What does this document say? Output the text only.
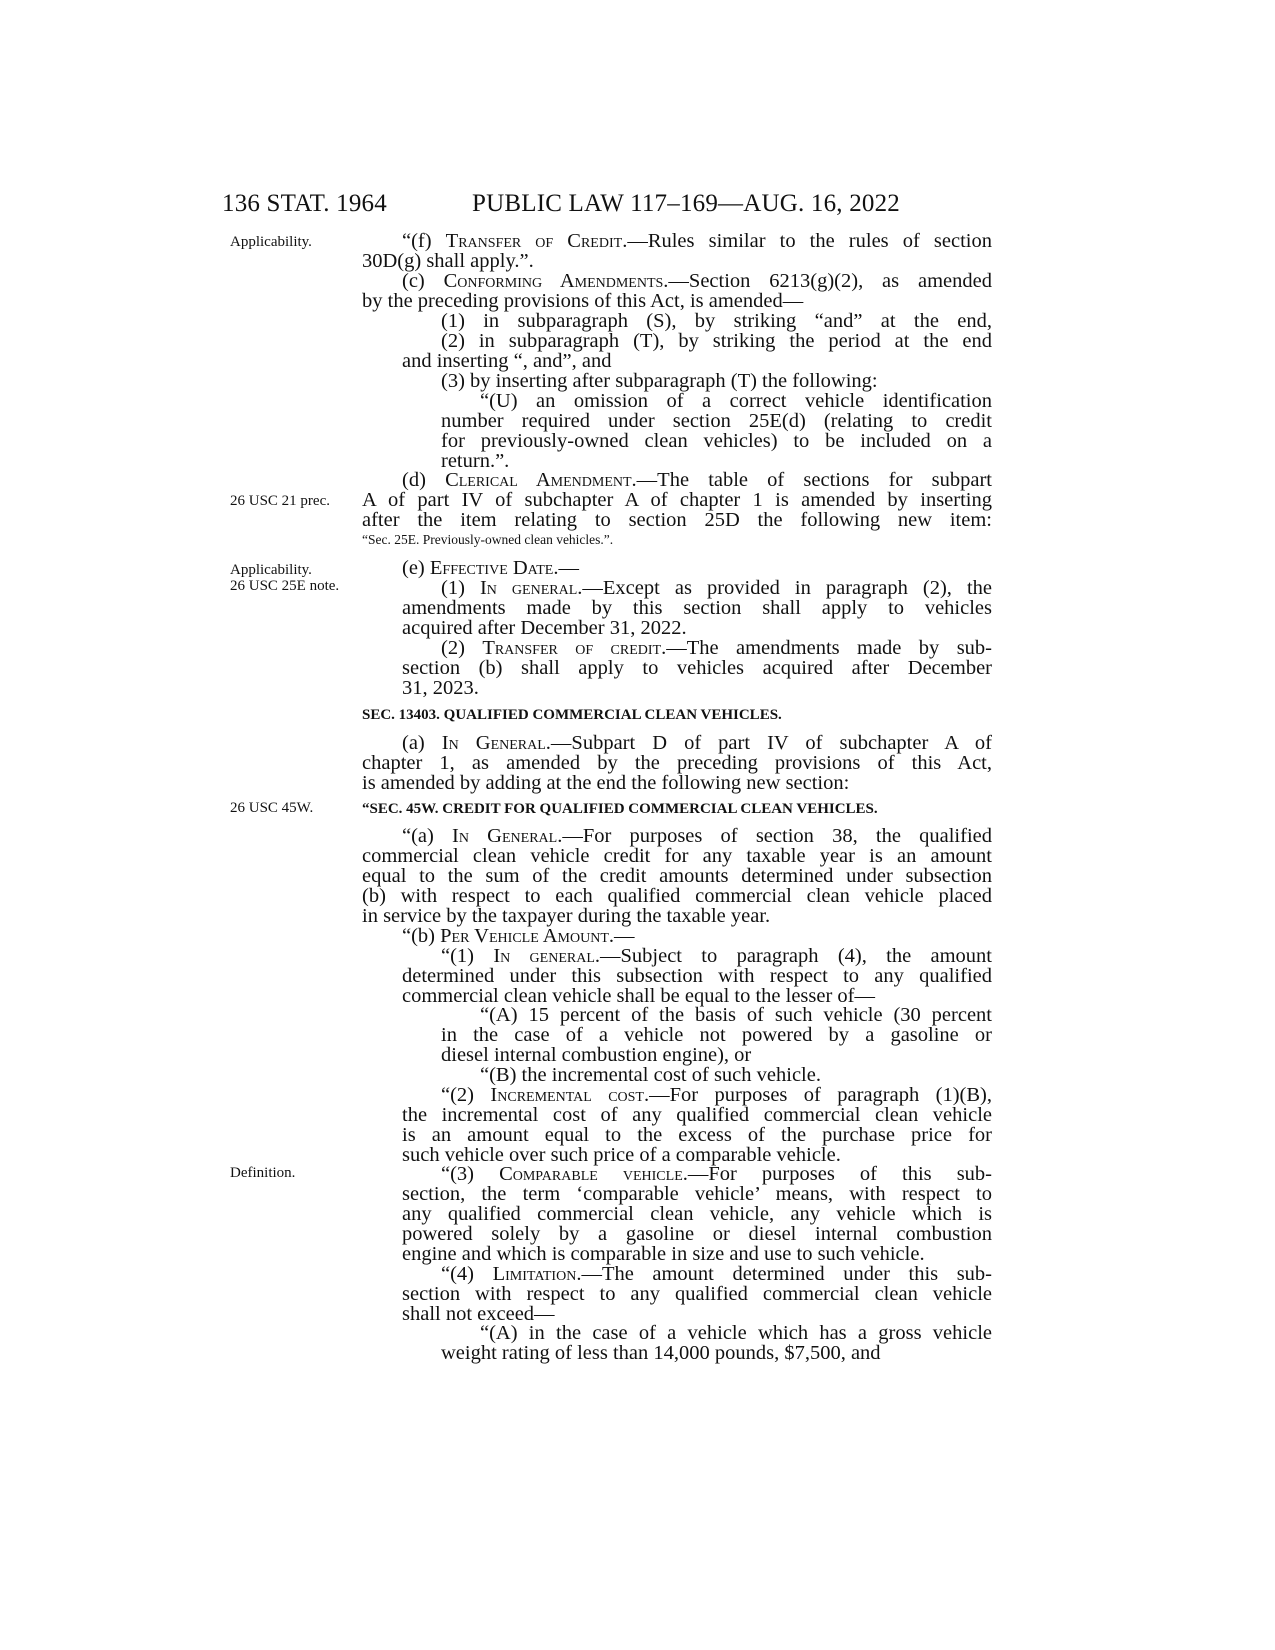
136 STAT. 1964	PUBLIC LAW 117–169—AUG. 16, 2022
Applicability.
26 USC 21 prec.
Applicability.
26 USC 25E note.
26 USC 45W.
Definition.
“(f) Transfer of Credit.—Rules similar to the rules of section
30D(g) shall apply.”.
(c) Conforming Amendments.—Section 6213(g)(2), as amended
by the preceding provisions of this Act, is amended—
(1) in subparagraph (S), by striking “and” at the end,
(2) in subparagraph (T), by striking the period at the end
and inserting “, and”, and
(3) by inserting after subparagraph (T) the following:
“(U) an omission of a correct vehicle identification
number required under section 25E(d) (relating to credit
for previously-owned clean vehicles) to be included on a
return.”.
(d) Clerical Amendment.—The table of sections for subpart
A of part IV of subchapter A of chapter 1 is amended by inserting
after the item relating to section 25D the following new item:
“Sec. 25E. Previously-owned clean vehicles.”.
(e) Effective Date.—
(1) In general.—Except as provided in paragraph (2), the
amendments made by this section shall apply to vehicles
acquired after December 31, 2022.
(2) Transfer of credit.—The amendments made by sub-
section (b) shall apply to vehicles acquired after December
31, 2023.
SEC. 13403. QUALIFIED COMMERCIAL CLEAN VEHICLES.
(a) In General.—Subpart D of part IV of subchapter A of
chapter 1, as amended by the preceding provisions of this Act,
is amended by adding at the end the following new section:
“SEC. 45W. CREDIT FOR QUALIFIED COMMERCIAL CLEAN VEHICLES.
“(a) In General.—For purposes of section 38, the qualified
commercial clean vehicle credit for any taxable year is an amount
equal to the sum of the credit amounts determined under subsection
(b) with respect to each qualified commercial clean vehicle placed
in service by the taxpayer during the taxable year.
“(b) Per Vehicle Amount.—
“(1) In general.—Subject to paragraph (4), the amount
determined under this subsection with respect to any qualified
commercial clean vehicle shall be equal to the lesser of—
“(A) 15 percent of the basis of such vehicle (30 percent
in the case of a vehicle not powered by a gasoline or
diesel internal combustion engine), or
“(B) the incremental cost of such vehicle.
“(2) Incremental cost.—For purposes of paragraph (1)(B),
the incremental cost of any qualified commercial clean vehicle
is an amount equal to the excess of the purchase price for
such vehicle over such price of a comparable vehicle.
“(3) Comparable vehicle.—For purposes of this sub-
section, the term ‘comparable vehicle’ means, with respect to
any qualified commercial clean vehicle, any vehicle which is
powered solely by a gasoline or diesel internal combustion
engine and which is comparable in size and use to such vehicle.
“(4) Limitation.—The amount determined under this sub-
section with respect to any qualified commercial clean vehicle
shall not exceed—
“(A) in the case of a vehicle which has a gross vehicle
weight rating of less than 14,000 pounds, $7,500, and
